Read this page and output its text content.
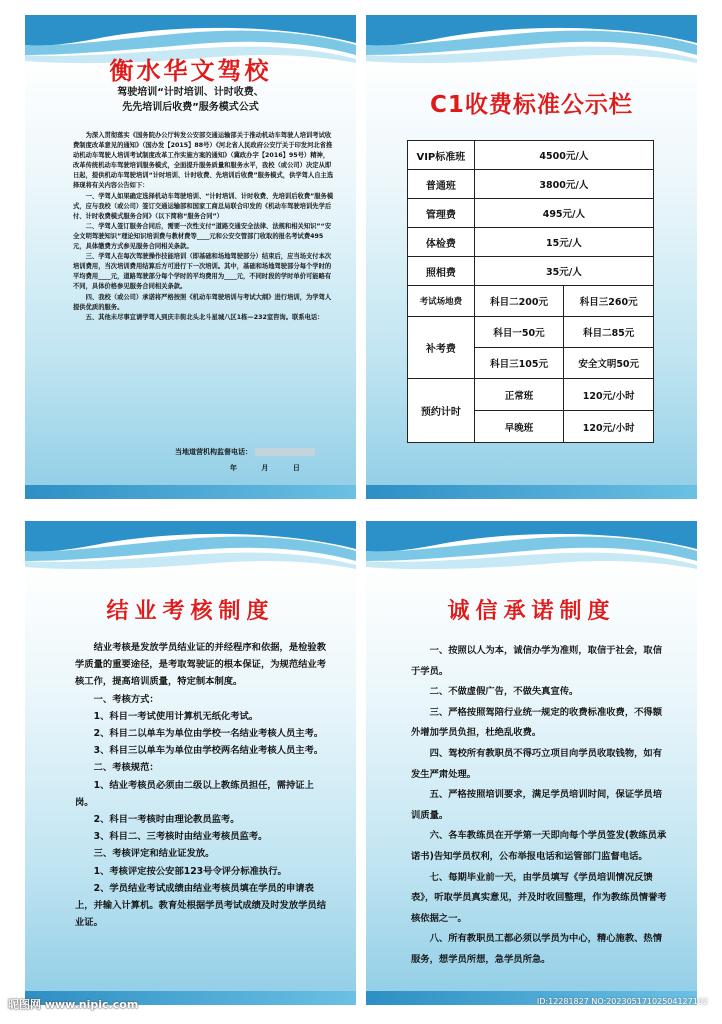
衡水华文驾校
驾驶培训“计时培训、计时收费、
先先培训后收费”服务模式公式

为深入贯彻落实《国务院办公厅转发公安部交通运输部关于推动机动车驾驶人培训考试收费制度改革意见的通知》（国办发【2015】88号）《河北省人民政府公安厅关于印发河北省推动机动车驾驶人培训考试制度改革工作实施方案的通知》（冀政办字【2016】95号）精神，改革传统机动车驾驶培训服务模式，全面提升服务质量和服务水平，我校（或公司）决定从即日起，提供机动车驾驶培训“计时培训、计时收费、先培训后收费”服务模式，供学驾人自主选择现将有关内容公告如下：

一、学驾人如果确定选择机动车驾驶培训、“计时培训、计时收费、先培训后收费”服务模式，应与我校（或公司）签订交通运输部和国家工商总局联合印发的《机动车驾驶培训先学后付、计时收费模式服务合同》（以下简称“服务合同”）

二、学驾人签订服务合同后，需要一次性支付“道路交通安全法律、法规和相关知识”“安全文明驾驶知识”理论知识培训费与教材费等____元和公安交管部门收取的报名考试费495元，具体缴费方式参见服务合同相关条款。

三、学驾人在每次驾驶操作技能培训（即基础和场地驾驶部分）结束后，应当场支付本次培训费用，当次培训费用结算后方可进行下一次培训。其中，基础和场地驾驶部分每个学时的平均费用____元，道路驾驶部分每个学时的平均费用为____元，不同时段的学时单价可能略有不同，具体价格参见服务合同相关条款。

四、我校（或公司）承诺将严格按照《机动车驾驶培训与考试大纲》进行培训，为学驾人提供优质的服务。

五、其他未尽事宜请学驾人到庆丰街北头北斗星城八区1栋—232室咨询。联系电话：

当地道营机构监督电话：
年 月 日
C1收费标准公示栏
VIP标准班	4500元/人	
普通班	3800元/人	
管理费	495元/人	
体检费	15元/人	
照相费	35元/人	
考试场地费	科目二200元	科目三260元
补考费	科目一50元	科目二85元
	科目三105元	安全文明50元
预约计时	正常班	120元/小时
	早晚班	120元/小时
结业考核制度

结业考核是发放学员结业证的并经程序和依据，是检验教学质量的重要途径，是考取驾驶证的根本保证，为规范结业考核工作，提高培训质量，特定制本制度。

一、考核方式：

1、科目一考试使用计算机无纸化考试。

2、科目二以单车为单位由学校一名结业考核人员主考。

3、科目三以单车为单位由学校两名结业考核人员主考。

二、考核规范：

1、结业考核员必须由二级以上教练员担任，需持证上岗。

2、科目一考核时由理论教员监考。

3、科目二、三考核时由结业考核员监考。

三、考核评定和结业证发放。

1、考核评定按公安部123号令评分标准执行。

2、学员结业考试成绩由结业考核员填在学员的申请表上，并输入计算机。教育处根据学员考试成绩及时发放学员结业证。

诚信承诺制度

一、按照以人为本，诚信办学为准则，取信于社会，取信于学员。

二、不做虚假广告，不做失真宣传。

三、严格按照驾陪行业统一规定的收费标准收费，不得额外增加学员负担，杜绝乱收费。

四、驾校所有教职员不得巧立项目向学员收取钱物，如有发生严肃处理。

五、严格按照培训要求，满足学员培训时间，保证学员培训质量。

六、各车教练员在开学第一天即向每个学员签发(教练员承诺书)告知学员权利，公布举报电话和运管部门监督电话。

七、每期毕业前一天，由学员填写《学员培训情况反馈表》，听取学员真实意见，并及时收回整理，作为教练员情誉考核依据之一。

八、所有教职员工都必须以学员为中心，精心施教、热情服务，想学员所想，急学员所急。

昵图网 www.nipic.com	ID:12281827 NO:20230517102504127102
